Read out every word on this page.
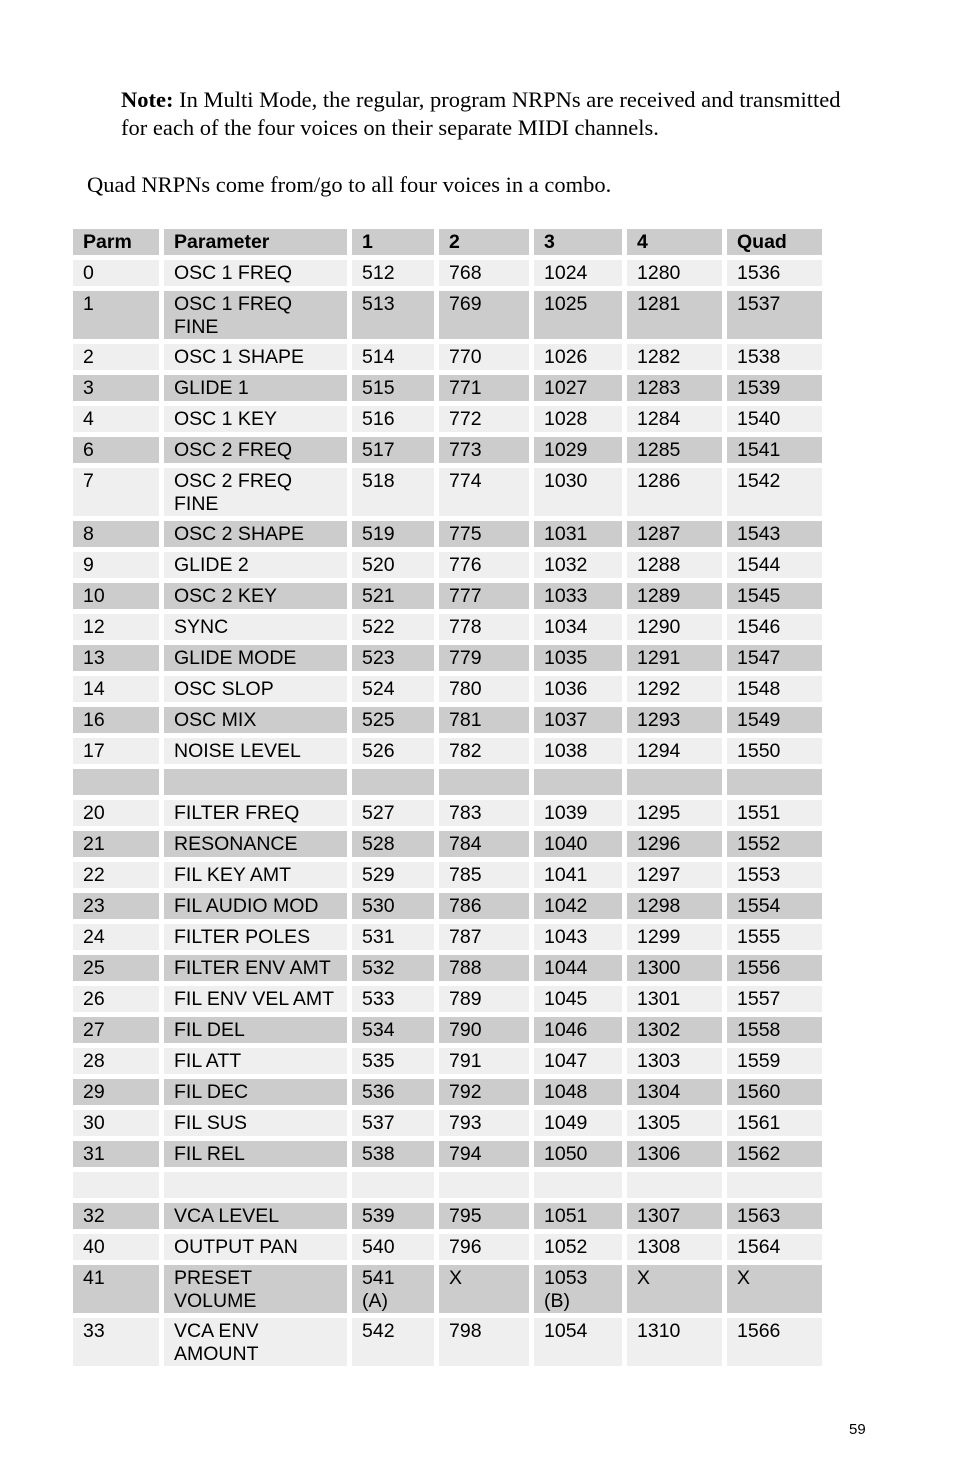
Note: In Multi Mode, the regular, program NRPNs are received and transmitted for each of the four voices on their separate MIDI channels.
Quad NRPNs come from/go to all four voices in a combo.
Parm	Parameter	1	2	3	4	Quad
0	OSC 1 FREQ	512	768	1024	1280	1536
1	OSC 1 FREQ FINE	513	769	1025	1281	1537
2	OSC 1 SHAPE	514	770	1026	1282	1538
3	GLIDE 1	515	771	1027	1283	1539
4	OSC 1 KEY	516	772	1028	1284	1540
6	OSC 2 FREQ	517	773	1029	1285	1541
7	OSC 2 FREQ FINE	518	774	1030	1286	1542
8	OSC 2 SHAPE	519	775	1031	1287	1543
9	GLIDE 2	520	776	1032	1288	1544
10	OSC 2 KEY	521	777	1033	1289	1545
12	SYNC	522	778	1034	1290	1546
13	GLIDE MODE	523	779	1035	1291	1547
14	OSC SLOP	524	780	1036	1292	1548
16	OSC MIX	525	781	1037	1293	1549
17	NOISE LEVEL	526	782	1038	1294	1550

20	FILTER FREQ	527	783	1039	1295	1551
21	RESONANCE	528	784	1040	1296	1552
22	FIL KEY AMT	529	785	1041	1297	1553
23	FIL AUDIO MOD	530	786	1042	1298	1554
24	FILTER POLES	531	787	1043	1299	1555
25	FILTER ENV AMT	532	788	1044	1300	1556
26	FIL ENV VEL AMT	533	789	1045	1301	1557
27	FIL DEL	534	790	1046	1302	1558
28	FIL ATT	535	791	1047	1303	1559
29	FIL DEC	536	792	1048	1304	1560
30	FIL SUS	537	793	1049	1305	1561
31	FIL REL	538	794	1050	1306	1562

32	VCA LEVEL	539	795	1051	1307	1563
40	OUTPUT PAN	540	796	1052	1308	1564
41	PRESET VOLUME	541 (A)	X	1053 (B)	X	X
33	VCA ENV AMOUNT	542	798	1054	1310	1566
59
